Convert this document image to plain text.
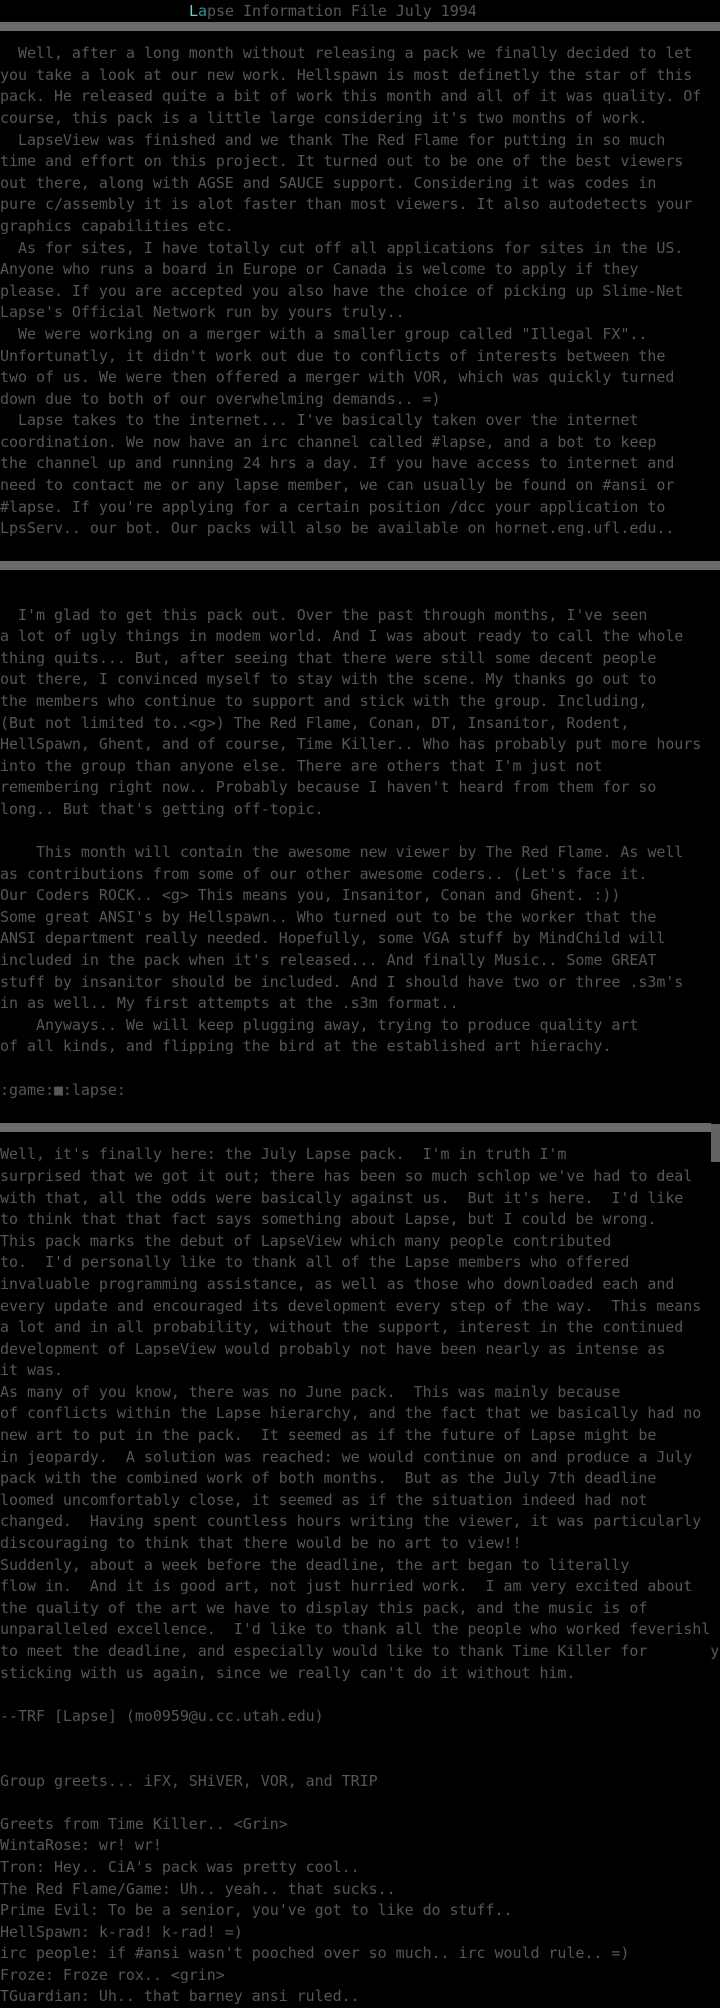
Lapse Information File July 1994
Well, after a long month without releasing a pack we finally decided to let
you take a look at our new work. Hellspawn is most definetly the star of this
pack. He released quite a bit of work this month and all of it was quality. Of
course, this pack is a little large considering it's two months of work.
LapseView was finished and we thank The Red Flame for putting in so much
time and effort on this project. It turned out to be one of the best viewers
out there, along with AGSE and SAUCE support. Considering it was codes in
pure c/assembly it is alot faster than most viewers. It also autodetects your
graphics capabilities etc.
As for sites, I have totally cut off all applications for sites in the US.
Anyone who runs a board in Europe or Canada is welcome to apply if they
please. If you are accepted you also have the choice of picking up Slime-Net
Lapse's Official Network run by yours truly..
We were working on a merger with a smaller group called "Illegal FX"..
Unfortunatly, it didn't work out due to conflicts of interests between the
two of us. We were then offered a merger with VOR, which was quickly turned
down due to both of our overwhelming demands.. =)
Lapse takes to the internet... I've basically taken over the internet
coordination. We now have an irc channel called #lapse, and a bot to keep
the channel up and running 24 hrs a day. If you have access to internet and
need to contact me or any lapse member, we can usually be found on #ansi or
#lapse. If you're applying for a certain position /dcc your application to
LpsServ.. our bot. Our packs will also be available on hornet.eng.ufl.edu..
I'm glad to get this pack out. Over the past through months, I've seen
a lot of ugly things in modem world. And I was about ready to call the whole
thing quits... But, after seeing that there were still some decent people
out there, I convinced myself to stay with the scene. My thanks go out to
the members who continue to support and stick with the group. Including,
(But not limited to..<g>) The Red Flame, Conan, DT, Insanitor, Rodent,
HellSpawn, Ghent, and of course, Time Killer.. Who has probably put more hours
into the group than anyone else. There are others that I'm just not
remembering right now.. Probably because I haven't heard from them for so
long.. But that's getting off-topic.
This month will contain the awesome new viewer by The Red Flame. As well
as contributions from some of our other awesome coders.. (Let's face it.
Our Coders ROCK.. <g> This means you, Insanitor, Conan and Ghent. :))
Some great ANSI's by Hellspawn.. Who turned out to be the worker that the
ANSI department really needed. Hopefully, some VGA stuff by MindChild will
included in the pack when it's released... And finally Music.. Some GREAT
stuff by insanitor should be included. And I should have two or three .s3m's
in as well.. My first attempts at the .s3m format..
Anyways.. We will keep plugging away, trying to produce quality art
of all kinds, and flipping the bird at the established art hierachy.
:game:■:lapse:
Well, it's finally here: the July Lapse pack.  I'm in truth I'm
surprised that we got it out; there has been so much schlop we've had to deal
with that, all the odds were basically against us.  But it's here.  I'd like
to think that that fact says something about Lapse, but I could be wrong.
This pack marks the debut of LapseView which many people contributed
to.  I'd personally like to thank all of the Lapse members who offered
invaluable programming assistance, as well as those who downloaded each and
every update and encouraged its development every step of the way.  This means
a lot and in all probability, without the support, interest in the continued
development of LapseView would probably not have been nearly as intense as
it was.
As many of you know, there was no June pack.  This was mainly because
of conflicts within the Lapse hierarchy, and the fact that we basically had no
new art to put in the pack.  It seemed as if the future of Lapse might be
in jeopardy.  A solution was reached: we would continue on and produce a July
pack with the combined work of both months.  But as the July 7th deadline
loomed uncomfortably close, it seemed as if the situation indeed had not
changed.  Having spent countless hours writing the viewer, it was particularly
discouraging to think that there would be no art to view!!
Suddenly, about a week before the deadline, the art began to literally
flow in.  And it is good art, not just hurried work.  I am very excited about
the quality of the art we have to display this pack, and the music is of
unparalleled excellence.  I'd like to thank all the people who worked feverishl
to meet the deadline, and especially would like to thank Time Killer for       y
sticking with us again, since we really can't do it without him.
--TRF [Lapse] (mo0959@u.cc.utah.edu)
Group greets... iFX, SHiVER, VOR, and TRIP
Greets from Time Killer.. <Grin>
WintaRose: wr! wr!
Tron: Hey.. CiA's pack was pretty cool..
The Red Flame/Game: Uh.. yeah.. that sucks..
Prime Evil: To be a senior, you've got to like do stuff..
HellSpawn: k-rad! k-rad! =)
irc people: if #ansi wasn't pooched over so much.. irc would rule.. =)
Froze: Froze rox.. <grin>
TGuardian: Uh.. that barney ansi ruled..
